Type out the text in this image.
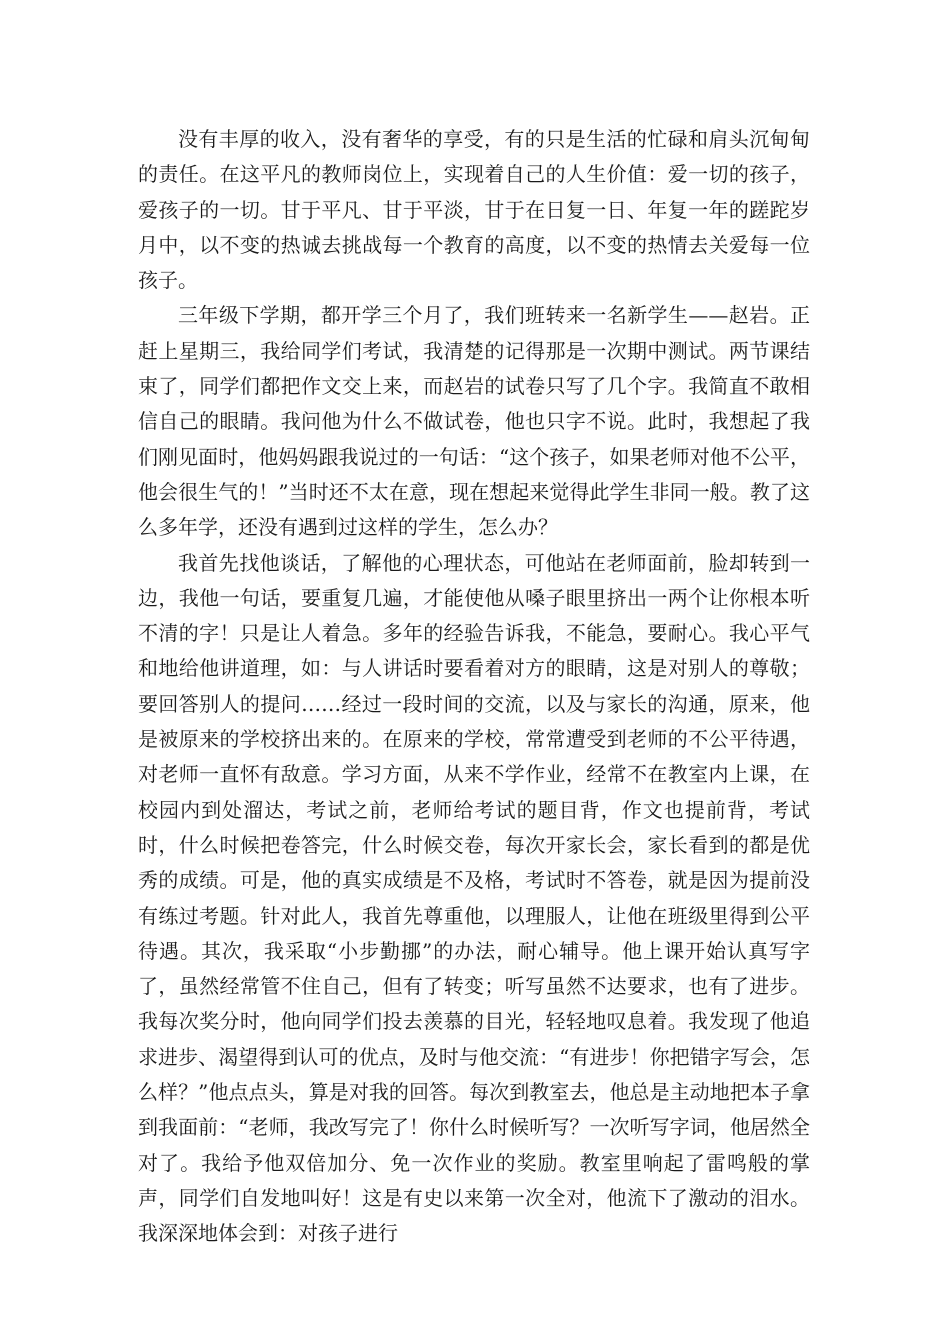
没有丰厚的收入，没有奢华的享受，有的只是生活的忙碌和肩头沉甸甸的责任。在这平凡的教师岗位上，实现着自己的人生价值：爱一切的孩子，爱孩子的一切。甘于平凡、甘于平淡，甘于在日复一日、年复一年的蹉跎岁月中，以不变的热诚去挑战每一个教育的高度，以不变的热情去关爱每一位孩子。

三年级下学期，都开学三个月了，我们班转来一名新学生——赵岩。正赶上星期三，我给同学们考试，我清楚的记得那是一次期中测试。两节课结束了，同学们都把作文交上来，而赵岩的试卷只写了几个字。我简直不敢相信自己的眼睛。我问他为什么不做试卷，他也只字不说。此时，我想起了我们刚见面时，他妈妈跟我说过的一句话：“这个孩子，如果老师对他不公平，他会很生气的！”当时还不太在意，现在想起来觉得此学生非同一般。教了这么多年学，还没有遇到过这样的学生，怎么办？

我首先找他谈话，了解他的心理状态，可他站在老师面前，脸却转到一边，我他一句话，要重复几遍，才能使他从嗓子眼里挤出一两个让你根本听不清的字！只是让人着急。多年的经验告诉我，不能急，要耐心。我心平气和地给他讲道理，如：与人讲话时要看着对方的眼睛，这是对别人的尊敬；要回答别人的提问……经过一段时间的交流，以及与家长的沟通，原来，他是被原来的学校挤出来的。在原来的学校，常常遭受到老师的不公平待遇，对老师一直怀有敌意。学习方面，从来不学作业，经常不在教室内上课，在校园内到处溜达，考试之前，老师给考试的题目背，作文也提前背，考试时，什么时候把卷答完，什么时候交卷，每次开家长会，家长看到的都是优秀的成绩。可是，他的真实成绩是不及格，考试时不答卷，就是因为提前没有练过考题。针对此人，我首先尊重他，以理服人，让他在班级里得到公平待遇。其次，我采取“小步勤挪”的办法，耐心辅导。他上课开始认真写字了，虽然经常管不住自己，但有了转变；听写虽然不达要求，也有了进步。我每次奖分时，他向同学们投去羡慕的目光，轻轻地叹息着。我发现了他追求进步、渴望得到认可的优点，及时与他交流：“有进步！你把错字写会，怎么样？”他点点头，算是对我的回答。每次到教室去，他总是主动地把本子拿到我面前：“老师，我改写完了！你什么时候听写？一次听写字词，他居然全对了。我给予他双倍加分、免一次作业的奖励。教室里响起了雷鸣般的掌声，同学们自发地叫好！这是有史以来第一次全对，他流下了激动的泪水。我深深地体会到：对孩子进行
